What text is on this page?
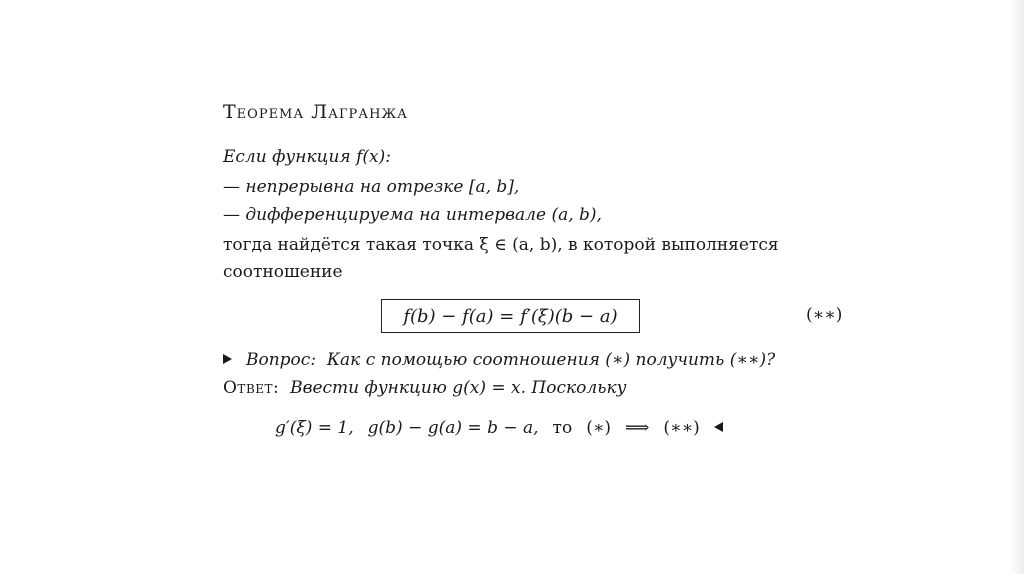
Теорема Лагранжа
Если функция f(x):
— непрерывна на отрезке [a, b],
— дифференцируема на интервале (a, b),
тогда найдётся такая точка ξ ∈ (a, b), в которой выполняется
соотношение
f(b) − f(a) = f′(ξ)(b − a)	(∗∗)
Вопрос: Как с помощью соотношения (∗) получить (∗∗)?
Ответ: Ввести функцию g(x) = x. Поскольку
g′(ξ) = 1, g(b) − g(a) = b − a, то (∗) ⟹ (∗∗)
